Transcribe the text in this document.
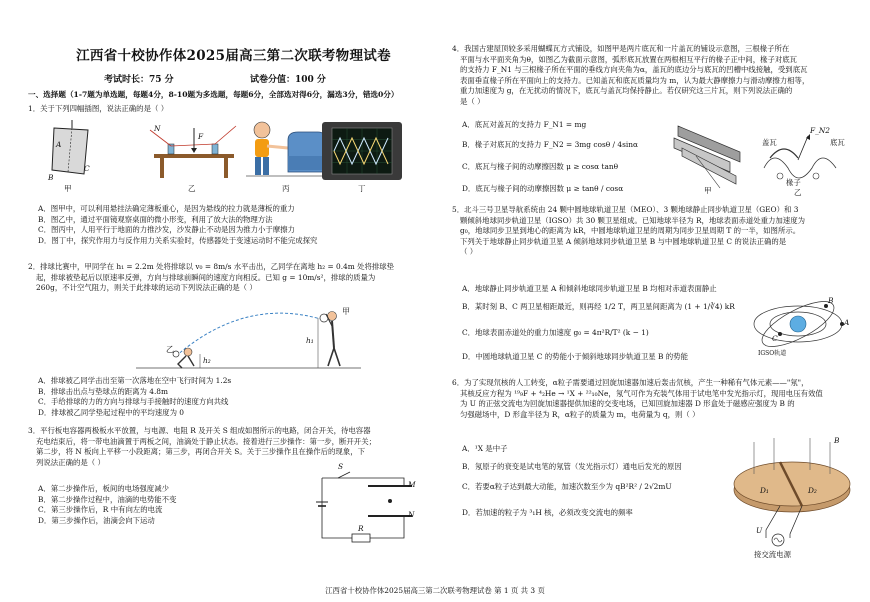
江西省十校协作体2025届高三第二次联考物理试卷
考试时长：75 分	试卷分值：100 分
一、选择题（1-7题为单选题，每题4分，8-10题为多选题，每题6分，全部选对得6分，漏选3分，错选0分）
1．关于下列四幅插图，说法正确的是（ ）
A
B
C
N
F
甲	乙	丙	丁
A．图甲中，可以利用悬挂法确定薄板重心，是因为悬线的拉力就是薄板的重力
B．图乙中，通过平面镜观察桌面的微小形变，利用了放大法的物理方法
C．图丙中，人用平行于地面的力推沙发，沙发静止不动是因为推力小于摩擦力
D．图丁中，探究作用力与反作用力关系实验时，传感器处于变速运动时不能完成探究
2．排球比赛中，甲同学在 h₁ = 2.2m 处将排球以 v₀ = 8m/s 水平击出，乙同学在离地 h₂ = 0.4m 处将排球垫
起，排球被垫起后以原速率反弹，方向与排球前瞬间的速度方向相反。已知 g = 10m/s²，排球的质量为
260g，不计空气阻力，则关于此排球的运动下列说法正确的是（ ）
甲
乙
h₁
h₂
A．排球被乙同学击出至第一次落地在空中飞行时间为 1.2s
B．排球击出点与垫球点的距离为 4.8m
C．手给排球的力的方向与排球与手接触时的速度方向共线
D．排球被乙同学垫起过程中的平均速度为 0
3．平行板电容器两极板水平放置，与电源、电阻 R 及开关 S 组成如图所示的电路，闭合开关，待电容器
充电结束后，将一带电油滴置于两板之间，油滴处于静止状态。接着进行三步操作：第一步，断开开关；
第二步，将 N 板向上平移一小段距离；第三步，再闭合开关 S。关于三步操作且在操作后的现象，下
列说法正确的是（ ）
A．第二步操作后，板间的电场强度减少
B．第二步操作过程中，油滴的电势能不变
C．第三步操作后，R 中有向左的电流
D．第三步操作后，油滴会向下运动
S
M
N
R
4．我国古建屋顶较多采用蝴蝶瓦方式铺设，如图甲是两片底瓦和一片盖瓦的铺设示意图，三根椽子所在
平面与水平面夹角为θ，如图乙为截面示意图，弧形底瓦放置在两根相互平行的椽子正中间，椽子对底瓦
的支持力 F_N1 与三根椽子所在平面的垂线方向夹角为α，盖瓦的底边分与底瓦的凹槽中线接触，受到底瓦
表面垂直椽子所在平面向上的支持力。已知盖瓦和底瓦质量均为 m，认为最大静摩擦力与滑动摩擦力相等，
重力加速度为 g，在无扰动的情况下，底瓦与盖瓦均保持静止。若仅研究这三片瓦，则下列说法正确的
是（ ）
A．底瓦对盖瓦的支持力 F_N1 = mg
B．椽子对底瓦的支持力 F_N2 = 3mg cosθ / 4sinα
C．底瓦与椽子间的动摩擦因数 μ ≥ cosα tanθ
D．底瓦与椽子间的动摩擦因数 μ ≥ tanθ / cosα
盖瓦
F_N2
底瓦
椽子
甲	乙
5．北斗三号卫星导航系统由 24 颗中圆地球轨道卫星（MEO）、3 颗地球静止同步轨道卫星（GEO）和 3
颗倾斜地球同步轨道卫星（IGSO）共 30 颗卫星组成。已知地球半径为 R，地球表面赤道处重力加速度为
g₀，地球同步卫星到地心的距离为 kR，中圆地球轨道卫星的周期为同步卫星周期 T 的一半，如图所示。
下列关于地球静止同步轨道卫星 A 倾斜地球同步轨道卫星 B 与中圆地球轨道卫星 C 的说法正确的是
（ ）
A．地球静止同步轨道卫星 A 和倾斜地球同步轨道卫星 B 均相对赤道表面静止
B．某时刻 B、C 两卫星相距最近，则再经 1/2 T，两卫星间距离为 (1 + 1/∛4) kR
C．地球表面赤道处的重力加速度 g₀ = 4π²R/T² (k − 1)
D．中圆地球轨道卫星 C 的势能小于倾斜地球同步轨道卫星 B 的势能
A
B
C
IGSO轨道
6．为了实现氘核的人工转变，α粒子需要通过回旋加速器加速后轰击氘核，产生一种稀有气体元素——"氖"，
其核反应方程为 ¹⁹₉F + ⁴₂He → ¹X + ²²₁₀Ne，氖气可作为充装气体用于试电笔中发光指示灯，现用电压有效值
为 U 的正弦交流电为回旋加速器提供加速的交变电场，已知回旋加速器 D 形盒处于磁感应强度为 B 的
匀强磁场中，D 形盒半径为 R，α粒子的质量为 m，电荷量为 q，则（ ）
A．¹X 是中子
B．氖原子的衰变是试电笔的氖管（发光指示灯）通电后发光的原因
C．若要α粒子达到最大动能，加速次数至少为 qB²R² / 2√2mU
D．若加速的粒子为 ³₁H 核，必须改变交流电的频率
D₁	D₂
B
U
接交流电源
江西省十校协作体2025届高三第二次联考物理试卷 第 1 页 共 3 页
